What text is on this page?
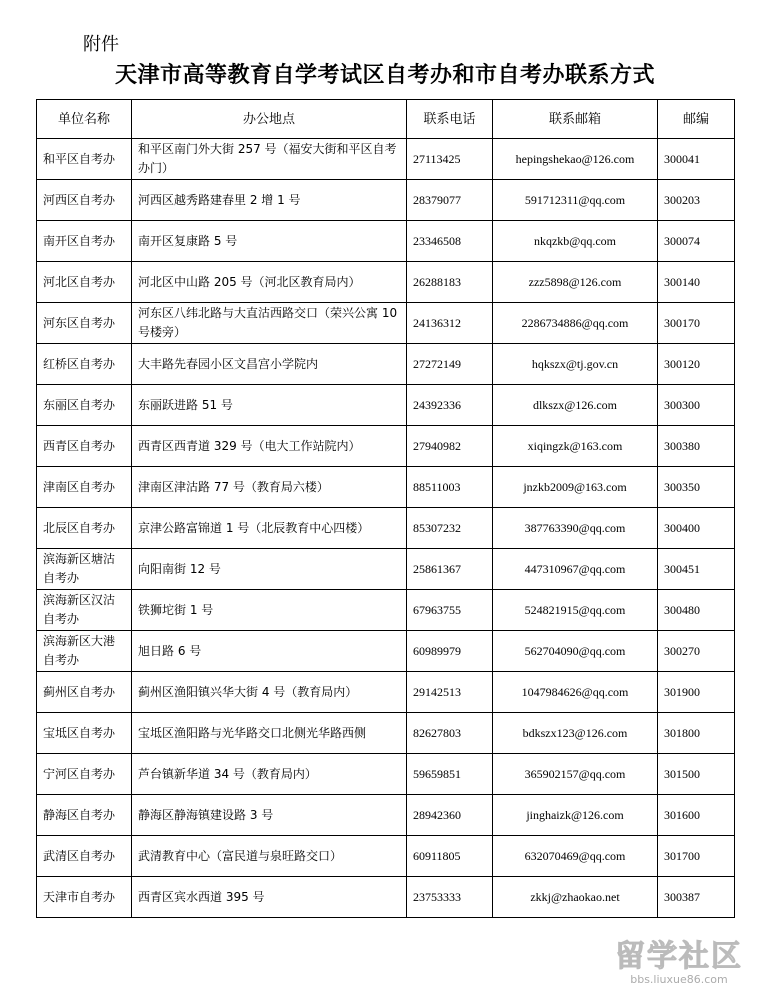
附件
天津市高等教育自学考试区自考办和市自考办联系方式
单位名称	办公地点	联系电话	联系邮箱	邮编
和平区自考办	和平区南门外大街 257 号（福安大街和平区自考办门）	27113425	hepingshekao@126.com	300041
河西区自考办	河西区越秀路建春里 2 增 1 号	28379077	591712311@qq.com	300203
南开区自考办	南开区复康路 5 号	23346508	nkqzkb@qq.com	300074
河北区自考办	河北区中山路 205 号（河北区教育局内）	26288183	zzz5898@126.com	300140
河东区自考办	河东区八纬北路与大直沽西路交口（荣兴公寓 10 号楼旁）	24136312	2286734886@qq.com	300170
红桥区自考办	大丰路先春园小区文昌宫小学院内	27272149	hqkszx@tj.gov.cn	300120
东丽区自考办	东丽跃进路 51 号	24392336	dlkszx@126.com	300300
西青区自考办	西青区西青道 329 号（电大工作站院内）	27940982	xiqingzk@163.com	300380
津南区自考办	津南区津沽路 77 号（教育局六楼）	88511003	jnzkb2009@163.com	300350
北辰区自考办	京津公路富锦道 1 号（北辰教育中心四楼）	85307232	387763390@qq.com	300400
滨海新区塘沽自考办	向阳南街 12 号	25861367	447310967@qq.com	300451
滨海新区汉沽自考办	铁狮坨街 1 号	67963755	524821915@qq.com	300480
滨海新区大港自考办	旭日路 6 号	60989979	562704090@qq.com	300270
蓟州区自考办	蓟州区渔阳镇兴华大街 4 号（教育局内）	29142513	1047984626@qq.com	301900
宝坻区自考办	宝坻区渔阳路与光华路交口北侧光华路西侧	82627803	bdkszx123@126.com	301800
宁河区自考办	芦台镇新华道 34 号（教育局内）	59659851	365902157@qq.com	301500
静海区自考办	静海区静海镇建设路 3 号	28942360	jinghaizk@126.com	301600
武清区自考办	武清教育中心（富民道与泉旺路交口）	60911805	632070469@qq.com	301700
天津市自考办	西青区宾水西道 395 号	23753333	zkkj@zhaokao.net	300387
留学社区
bbs.liuxue86.com
